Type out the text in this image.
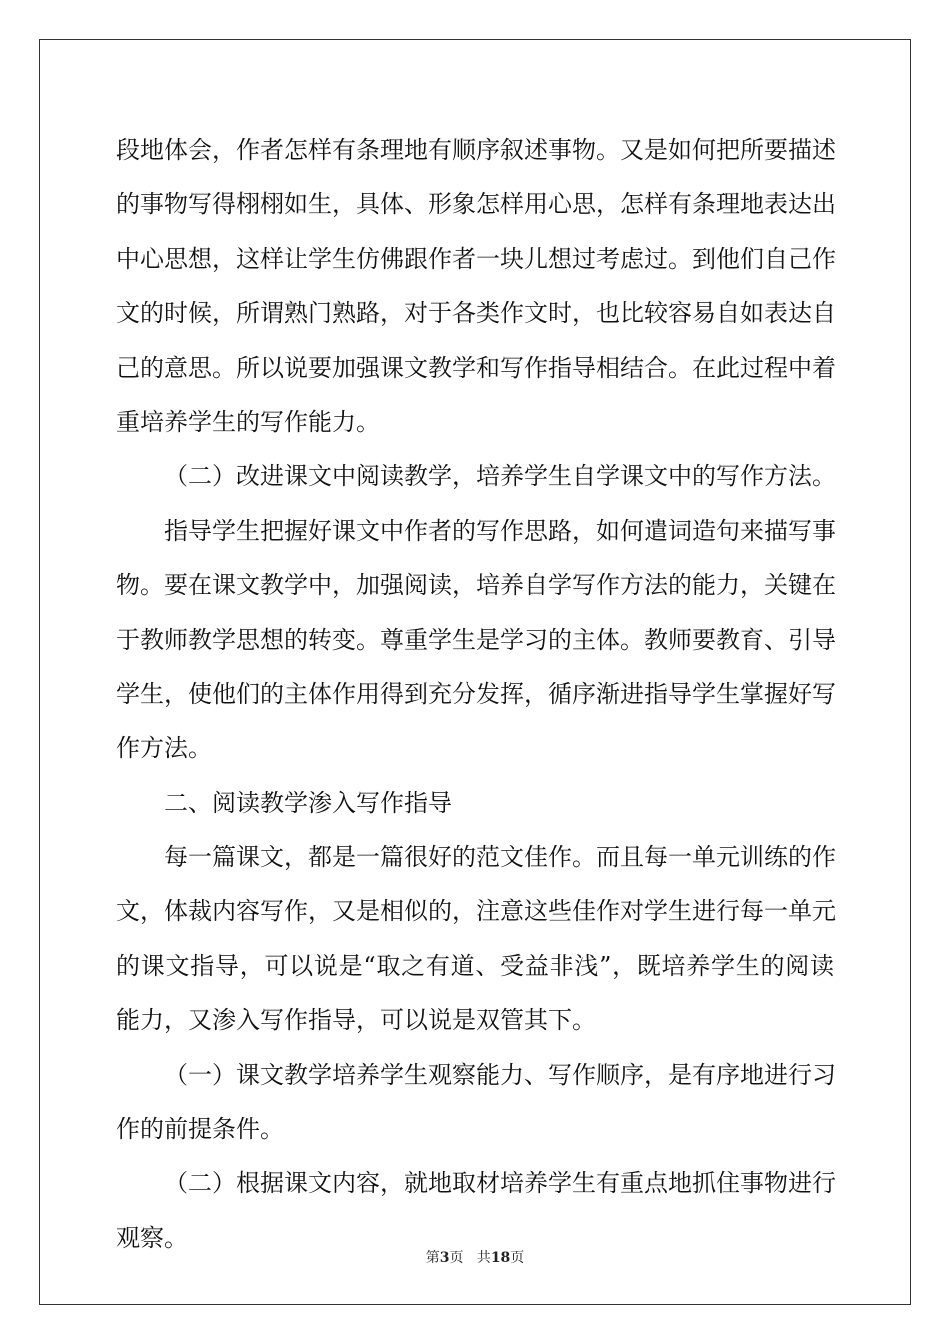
段地体会，作者怎样有条理地有顺序叙述事物。又是如何把所要描述
的事物写得栩栩如生，具体、形象怎样用心思，怎样有条理地表达出
中心思想，这样让学生仿佛跟作者一块儿想过考虑过。到他们自己作
文的时候，所谓熟门熟路，对于各类作文时，也比较容易自如表达自
己的意思。所以说要加强课文教学和写作指导相结合。在此过程中着
重培养学生的写作能力。
（二）改进课文中阅读教学，培养学生自学课文中的写作方法。
指导学生把握好课文中作者的写作思路，如何遣词造句来描写事
物。要在课文教学中，加强阅读，培养自学写作方法的能力，关键在
于教师教学思想的转变。尊重学生是学习的主体。教师要教育、引导
学生，使他们的主体作用得到充分发挥，循序渐进指导学生掌握好写
作方法。
二、阅读教学渗入写作指导
每一篇课文，都是一篇很好的范文佳作。而且每一单元训练的作
文，体裁内容写作，又是相似的，注意这些佳作对学生进行每一单元
的课文指导，可以说是“取之有道、受益非浅”，既培养学生的阅读
能力，又渗入写作指导，可以说是双管其下。
（一）课文教学培养学生观察能力、写作顺序，是有序地进行习
作的前提条件。
（二）根据课文内容，就地取材培养学生有重点地抓住事物进行
观察。
第3页 共18页
